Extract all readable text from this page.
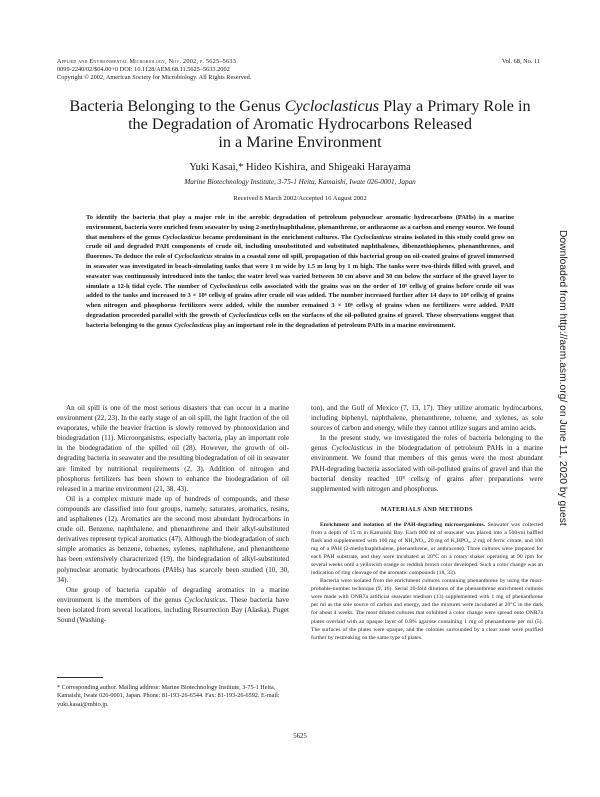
Applied and Environmental Microbiology, Nov. 2002, p. 5625–5633	Vol. 68, No. 11
0099-2240/02/$04.00+0 DOI: 10.1128/AEM.68.11.5625–5633.2002
Copyright © 2002, American Society for Microbiology. All Rights Reserved.
Bacteria Belonging to the Genus Cycloclasticus Play a Primary Role in
the Degradation of Aromatic Hydrocarbons Released
in a Marine Environment
Yuki Kasai,* Hideo Kishira, and Shigeaki Harayama
Marine Biotechnology Institute, 3-75-1 Heita, Kamaishi, Iwate 026-0001, Japan
Received 8 March 2002/Accepted 16 August 2002
To identify the bacteria that play a major role in the aerobic degradation of petroleum polynuclear aromatic hydrocarbons (PAHs) in a marine environment, bacteria were enriched from seawater by using 2-methylnaphthalene, phenanthrene, or anthracene as a carbon and energy source. We found that members of the genus Cycloclasticus became predominant in the enrichment cultures. The Cycloclasticus strains isolated in this study could grow on crude oil and degraded PAH components of crude oil, including unsubstituted and substituted naphthalenes, dibenzothiophenes, phenanthrenes, and fluorenes. To deduce the role of Cycloclasticus strains in a coastal zone oil spill, propagation of this bacterial group on oil-coated grains of gravel immersed in seawater was investigated in beach-simulating tanks that were 1 m wide by 1.5 m long by 1 m high. The tanks were two-thirds filled with gravel, and seawater was continuously introduced into the tanks; the water level was varied between 30 cm above and 30 cm below the surface of the gravel layer to simulate a 12-h tidal cycle. The number of Cycloclasticus cells associated with the grains was on the order of 10⁵ cells/g of grains before crude oil was added to the tanks and increased to 3 × 10⁶ cells/g of grains after crude oil was added. The number increased further after 14 days to 10⁸ cells/g of grains when nitrogen and phosphorus fertilizers were added, while the number remained 3 × 10⁶ cells/g of grains when no fertilizers were added. PAH degradation proceeded parallel with the growth of Cycloclasticus cells on the surfaces of the oil-polluted grains of gravel. These observations suggest that bacteria belonging to the genus Cycloclasticus play an important role in the degradation of petroleum PAHs in a marine environment.

An oil spill is one of the most serious disasters that can occur in a marine environment (22, 23). In the early stage of an oil spill, the light fraction of the oil evaporates, while the heavier fraction is slowly removed by photooxidation and biodegradation (11). Microorganisms, especially bacteria, play an important role in the biodegradation of the spilled oil (28). However, the growth of oil-degrading bacteria in seawater and the resulting biodegradation of oil in seawater are limited by nutritional requirements (2, 3). Addition of nitrogen and phosphorus fertilizers has been shown to enhance the biodegradation of oil released in a marine environment (21, 38, 43).

Oil is a complex mixture made up of hundreds of compounds, and these compounds are classified into four groups, namely, saturates, aromatics, resins, and asphaltenes (12). Aromatics are the second most abundant hydrocarbons in crude oil. Benzene, naphthalene, and phenanthrene and their alkyl-substituted derivatives represent typical aromatics (47). Although the biodegradation of such simple aromatics as benzene, toluenes, xylenes, naphthalene, and phenanthrene has been extensively characterized (19), the biodegradation of alkyl-substituted polynuclear aromatic hydrocarbons (PAHs) has scarcely been studied (10, 30, 34).

One group of bacteria capable of degrading aromatics in a marine environment is the members of the genus Cycloclasticus. These bacteria have been isolated from several locations, including Resurrection Bay (Alaska), Puget Sound (Washing-

ton), and the Gulf of Mexico (7, 13, 17). They utilize aromatic hydrocarbons, including biphenyl, naphthalene, phenanthrene, toluene, and xylenes, as sole sources of carbon and energy, while they cannot utilize sugars and amino acids.

In the present study, we investigated the roles of bacteria belonging to the genus Cycloclasticus in the biodegradation of petroleum PAHs in a marine environment. We found that members of this genus were the most abundant PAH-degrading bacteria associated with oil-polluted grains of gravel and that the bacterial density reached 10⁸ cells/g of grains after preparations were supplemented with nitrogen and phosphorus.

MATERIALS AND METHODS

Enrichment and isolation of the PAH-degrading microorganisms. Seawater was collected from a depth of 15 m in Kamaishi Bay. Each 800 ml of seawater was placed into a 500-ml baffled flask and supplemented with 100 mg of NH₄NO₃, 20 mg of K₂HPO₄, 2 mg of ferric citrate, and 100 mg of a PAH (2-methylnaphthalene, phenanthrene, or anthracene). Three cultures were prepared for each PAH substrate, and they were incubated at 20°C on a rotary shaker operating at 90 rpm for several weeks until a yellowish orange or reddish brown color developed. Such a color change was an indication of ring cleavage of the aromatic compounds (18, 33).

Bacteria were isolated from the enrichment cultures containing phenanthrene by using the most-probable-number technique (9, 16). Serial 10-fold dilutions of the phenanthrene enrichment cultures were made with ONR7a artificial seawater medium (13) supplemented with 1 mg of phenanthrene per ml as the sole source of carbon and energy, and the mixtures were incubated at 20°C in the dark for about 4 weeks. The most diluted cultures that exhibited a color change were spread onto ONR7a plates overlaid with an opaque layer of 0.8% agarose containing 1 mg of phenanthrene per ml (5). The surfaces of the plates were opaque, and the colonies surrounded by a clear zone were purified further by restreaking on the same type of plates.

* Corresponding author. Mailing address: Marine Biotechnology Institute, 3-75-1 Heita, Kamaishi, Iwate 026-0001, Japan. Phone: 81-193-26-6544. Fax: 81-193-26-6592. E-mail: yuki.kasai@mbio.jp.
5625
Downloaded from http://aem.asm.org/ on June 11, 2020 by guest
